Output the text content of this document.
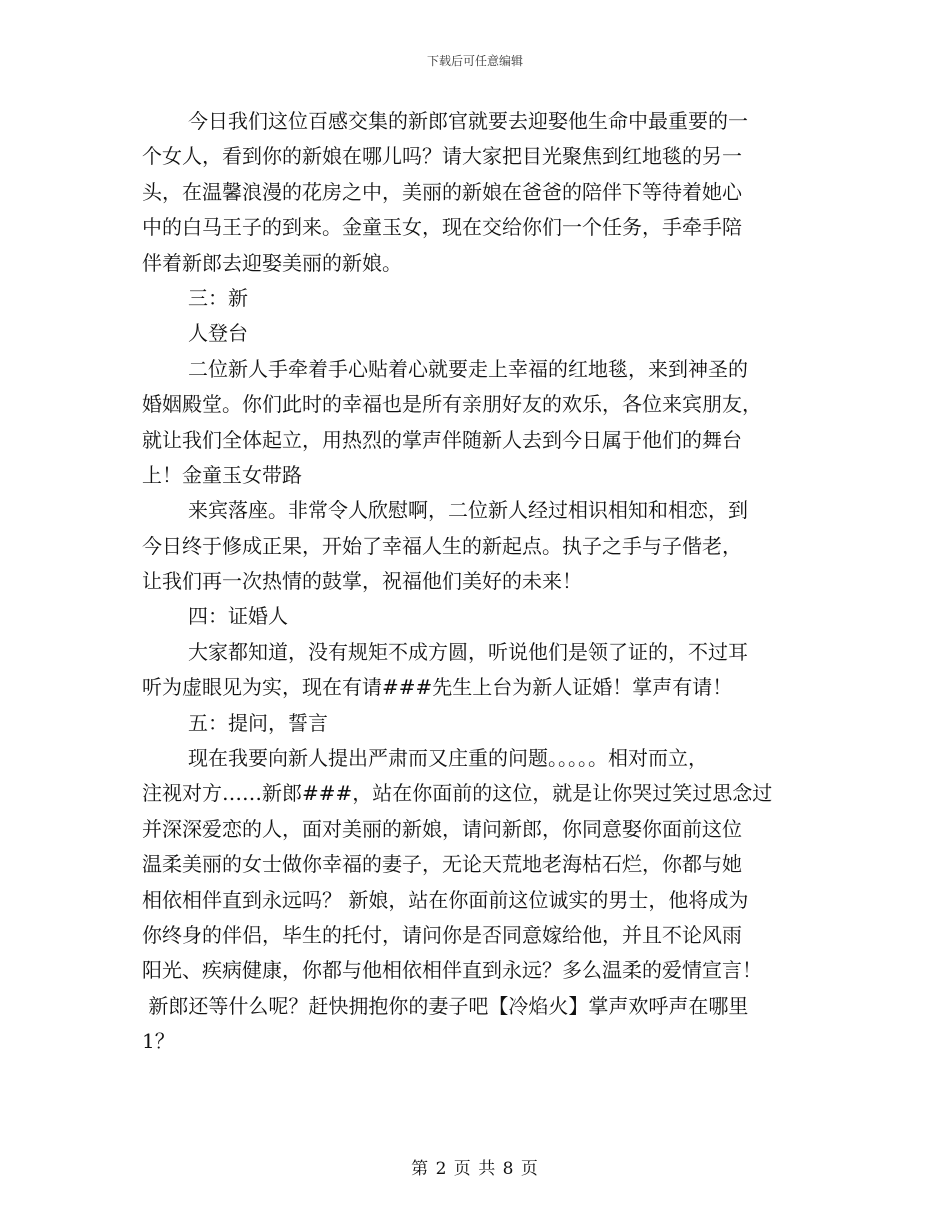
下载后可任意编辑
今日我们这位百感交集的新郎官就要去迎娶他生命中最重要的一
个女人，看到你的新娘在哪儿吗？请大家把目光聚焦到红地毯的另一
头，在温馨浪漫的花房之中，美丽的新娘在爸爸的陪伴下等待着她心
中的白马王子的到来。金童玉女，现在交给你们一个任务，手牵手陪
伴着新郎去迎娶美丽的新娘。
三：新
人登台
二位新人手牵着手心贴着心就要走上幸福的红地毯，来到神圣的
婚姻殿堂。你们此时的幸福也是所有亲朋好友的欢乐，各位来宾朋友，
就让我们全体起立，用热烈的掌声伴随新人去到今日属于他们的舞台
上！金童玉女带路
来宾落座。非常令人欣慰啊，二位新人经过相识相知和相恋，到
今日终于修成正果，开始了幸福人生的新起点。执子之手与子偕老，
让我们再一次热情的鼓掌，祝福他们美好的未来！
四：证婚人
大家都知道，没有规矩不成方圆，听说他们是领了证的，不过耳
听为虚眼见为实，现在有请###先生上台为新人证婚！掌声有请！
五：提问，誓言
现在我要向新人提出严肃而又庄重的问题。。。。。相对而立，
注视对方……新郎###，站在你面前的这位，就是让你哭过笑过思念过
并深深爱恋的人，面对美丽的新娘，请问新郎，你同意娶你面前这位
温柔美丽的女士做你幸福的妻子，无论天荒地老海枯石烂，你都与她
相依相伴直到永远吗？ 新娘，站在你面前这位诚实的男士，他将成为
你终身的伴侣，毕生的托付，请问你是否同意嫁给他，并且不论风雨
阳光、疾病健康，你都与他相依相伴直到永远？多么温柔的爱情宣言！
新郎还等什么呢？赶快拥抱你的妻子吧【冷焰火】掌声欢呼声在哪里
1？
第 2 页 共 8 页
